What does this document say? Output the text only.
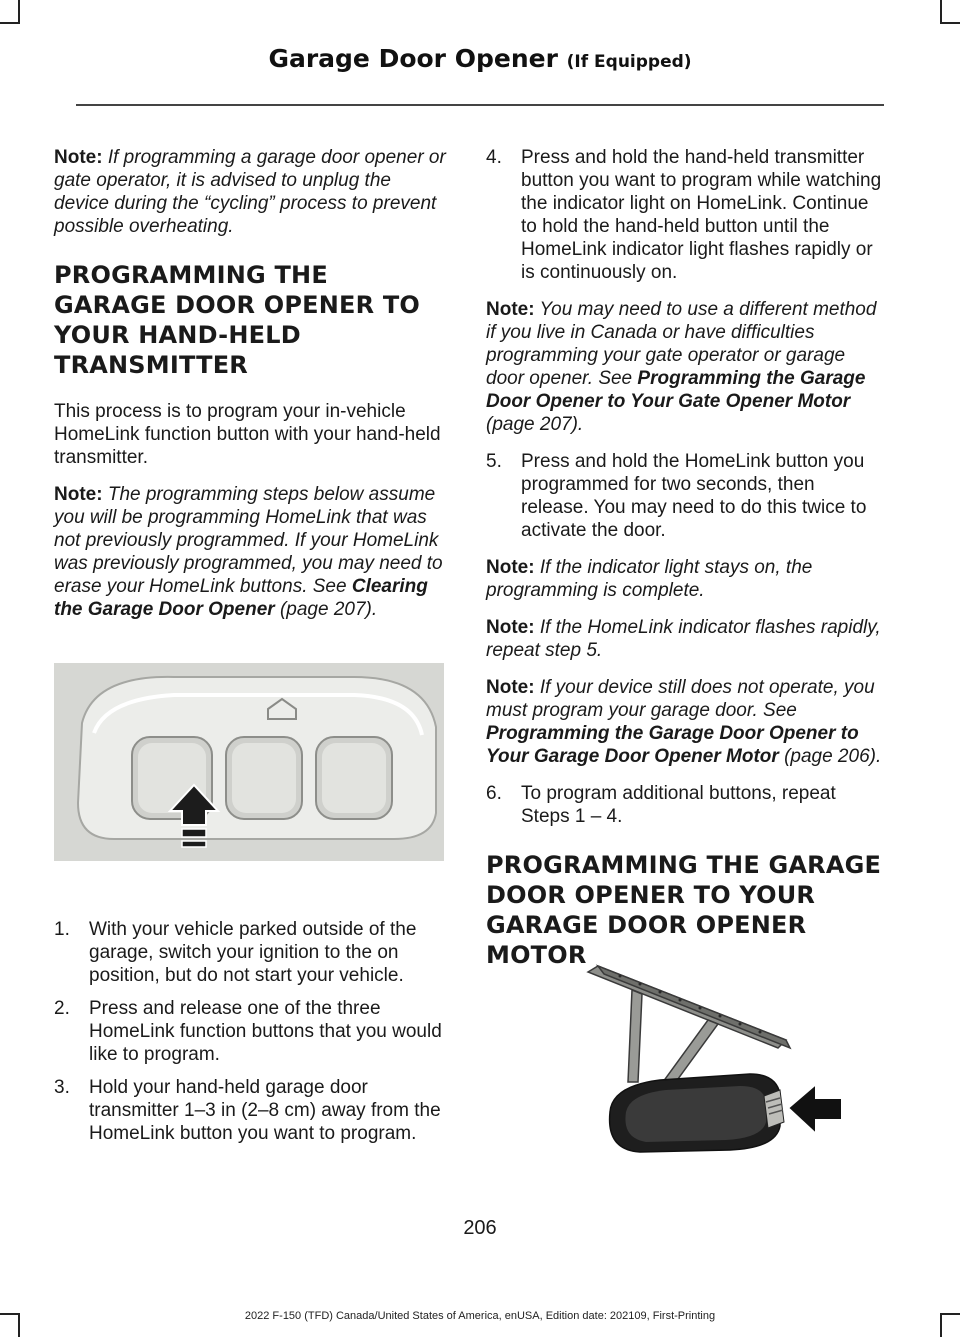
Garage Door Opener (If Equipped)

Note: If programming a garage door opener or gate operator, it is advised to unplug the device during the “cycling” process to prevent possible overheating.

PROGRAMMING THE GARAGE DOOR OPENER TO YOUR HAND-HELD TRANSMITTER

This process is to program your in-vehicle HomeLink function button with your hand-held transmitter.

Note: The programming steps below assume you will be programming HomeLink that was not previously programmed. If your HomeLink was previously programmed, you may need to erase your HomeLink buttons. See Clearing the Garage Door Opener (page 207).

1. With your vehicle parked outside of the garage, switch your ignition to the on position, but do not start your vehicle.
2. Press and release one of the three HomeLink function buttons that you would like to program.
3. Hold your hand-held garage door transmitter 1–3 in (2–8 cm) away from the HomeLink button you want to program.
4. Press and hold the hand-held transmitter button you want to program while watching the indicator light on HomeLink. Continue to hold the hand-held button until the HomeLink indicator light flashes rapidly or is continuously on.

Note: You may need to use a different method if you live in Canada or have difficulties programming your gate operator or garage door opener. See Programming the Garage Door Opener to Your Gate Opener Motor (page 207).

5. Press and hold the HomeLink button you programmed for two seconds, then release. You may need to do this twice to activate the door.

Note: If the indicator light stays on, the programming is complete.

Note: If the HomeLink indicator flashes rapidly, repeat step 5.

Note: If your device still does not operate, you must program your garage door. See Programming the Garage Door Opener to Your Garage Door Opener Motor (page 206).

6. To program additional buttons, repeat Steps 1 – 4.
PROGRAMMING THE GARAGE DOOR OPENER TO YOUR GARAGE DOOR OPENER MOTOR
206
2022 F-150 (TFD) Canada/United States of America, enUSA, Edition date: 202109, First-Printing
